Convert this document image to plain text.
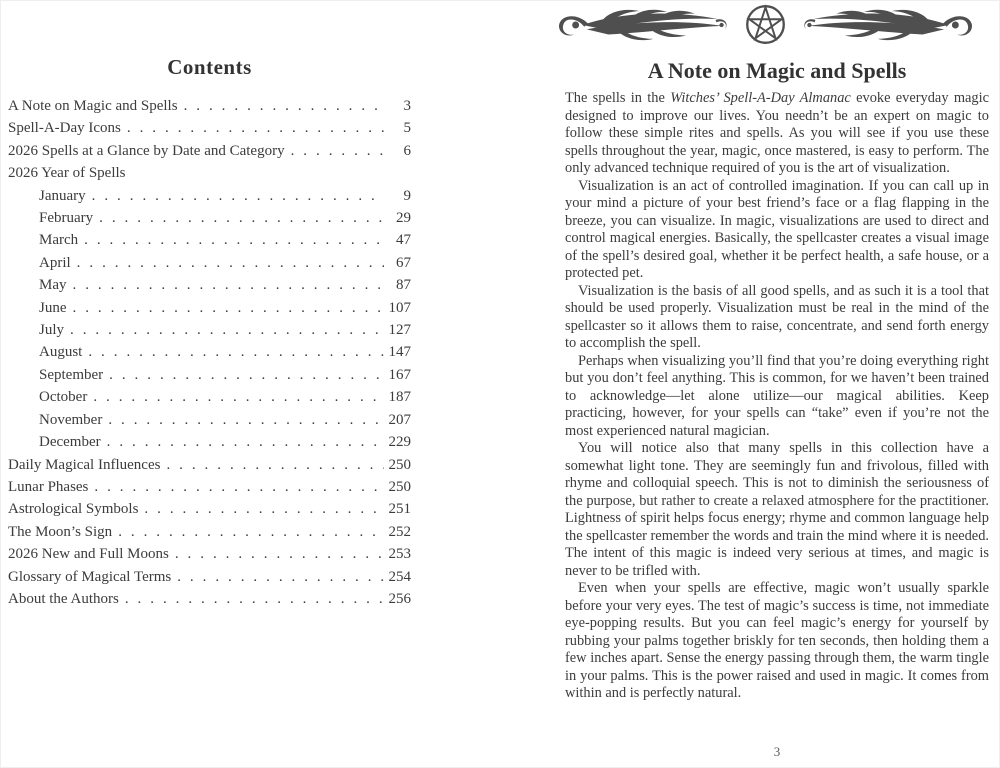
Contents
A Note on Magic and Spells . . .	3
Spell-A-Day Icons . . .	5
2026 Spells at a Glance by Date and Category . . .	6
2026 Year of Spells
January . . .	9
February . . .	29
March . . .	47
April . . .	67
May . . .	87
June . . .	107
July . . .	127
August . . .	147
September . . .	167
October . . .	187
November . . .	207
December . . .	229
Daily Magical Influences . . .	250
Lunar Phases . . .	250
Astrological Symbols . . .	251
The Moon’s Sign . . .	252
2026 New and Full Moons . . .	253
Glossary of Magical Terms . . .	254
About the Authors . . .	256
A Note on Magic and Spells

The spells in the Witches’ Spell-A-Day Almanac evoke everyday magic designed to improve our lives. You needn’t be an expert on magic to follow these simple rites and spells. As you will see if you use these spells throughout the year, magic, once mastered, is easy to perform. The only advanced technique required of you is the art of visualization.

Visualization is an act of controlled imagination. If you can call up in your mind a picture of your best friend’s face or a flag flapping in the breeze, you can visualize. In magic, visualizations are used to direct and control magical energies. Basically, the spellcaster creates a visual image of the spell’s desired goal, whether it be perfect health, a safe house, or a protected pet.

Visualization is the basis of all good spells, and as such it is a tool that should be used properly. Visualization must be real in the mind of the spellcaster so it allows them to raise, concentrate, and send forth energy to accomplish the spell.

Perhaps when visualizing you’ll find that you’re doing everything right but you don’t feel anything. This is common, for we haven’t been trained to acknowledge—let alone utilize—our magical abilities. Keep practicing, however, for your spells can “take” even if you’re not the most experienced natural magician.

You will notice also that many spells in this collection have a somewhat light tone. They are seemingly fun and frivolous, filled with rhyme and colloquial speech. This is not to diminish the seriousness of the purpose, but rather to create a relaxed atmosphere for the practitioner. Lightness of spirit helps focus energy; rhyme and common language help the spellcaster remember the words and train the mind where it is needed. The intent of this magic is indeed very serious at times, and magic is never to be trifled with.

Even when your spells are effective, magic won’t usually sparkle before your very eyes. The test of magic’s success is time, not immediate eye-popping results. But you can feel magic’s energy for yourself by rubbing your palms together briskly for ten seconds, then holding them a few inches apart. Sense the energy passing through them, the warm tingle in your palms. This is the power raised and used in magic. It comes from within and is perfectly natural.

3
